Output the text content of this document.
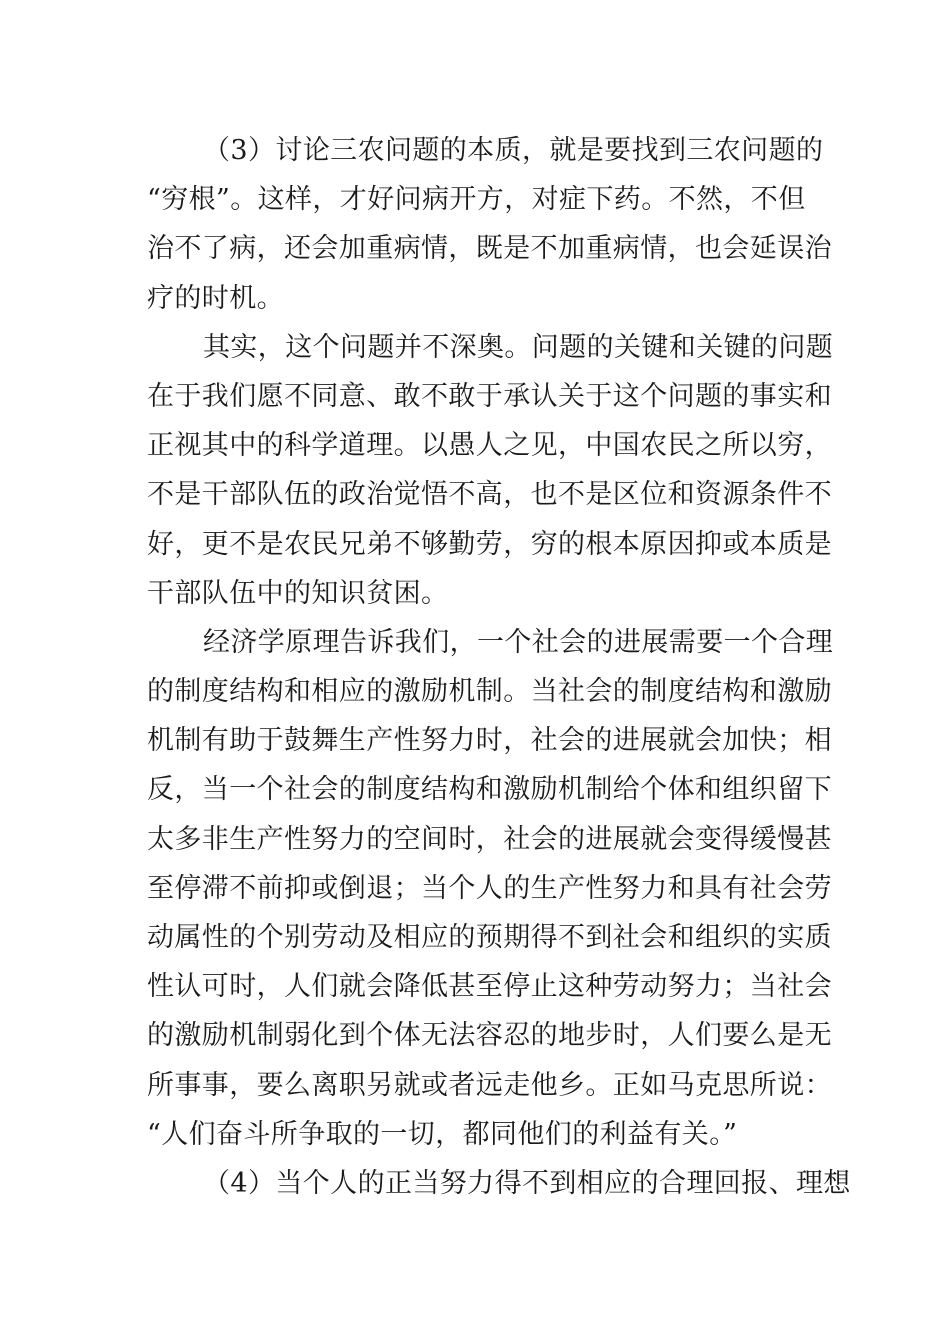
（3）讨论三农问题的本质，就是要找到三农问题的
“穷根”。这样，才好问病开方，对症下药。不然，不但
治不了病，还会加重病情，既是不加重病情，也会延误治
疗的时机。
其实，这个问题并不深奥。问题的关键和关键的问题
在于我们愿不同意、敢不敢于承认关于这个问题的事实和
正视其中的科学道理。以愚人之见，中国农民之所以穷，
不是干部队伍的政治觉悟不高，也不是区位和资源条件不
好，更不是农民兄弟不够勤劳，穷的根本原因抑或本质是
干部队伍中的知识贫困。
经济学原理告诉我们，一个社会的进展需要一个合理
的制度结构和相应的激励机制。当社会的制度结构和激励
机制有助于鼓舞生产性努力时，社会的进展就会加快；相
反，当一个社会的制度结构和激励机制给个体和组织留下
太多非生产性努力的空间时，社会的进展就会变得缓慢甚
至停滞不前抑或倒退；当个人的生产性努力和具有社会劳
动属性的个别劳动及相应的预期得不到社会和组织的实质
性认可时，人们就会降低甚至停止这种劳动努力；当社会
的激励机制弱化到个体无法容忍的地步时，人们要么是无
所事事，要么离职另就或者远走他乡。正如马克思所说：
“人们奋斗所争取的一切，都同他们的利益有关。”
（4）当个人的正当努力得不到相应的合理回报、理想
